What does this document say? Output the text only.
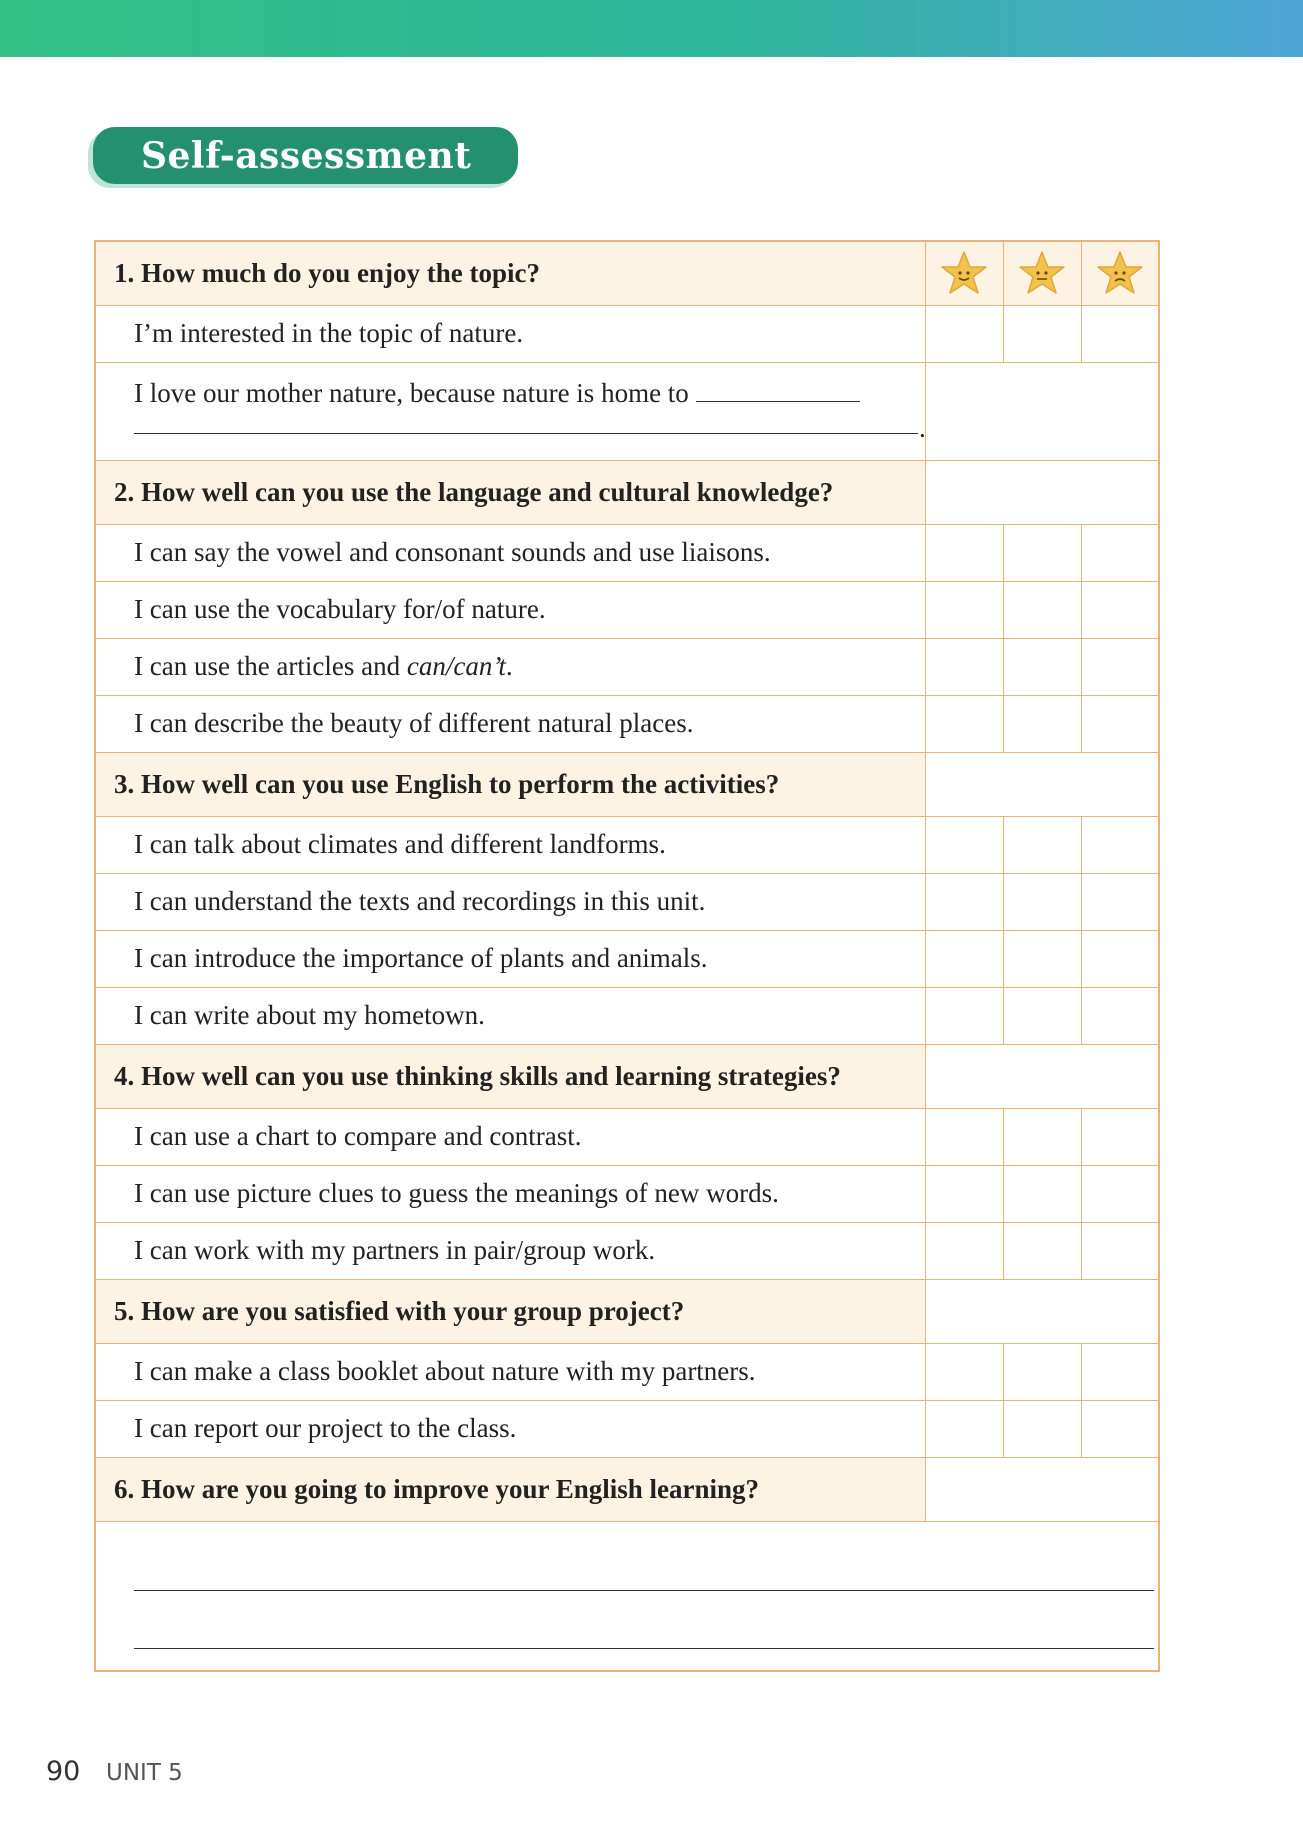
Self-assessment
1. How much do you enjoy the topic?	

I’m interested in the topic of nature.			
I love our mother nature, because nature is home to
.			

2. How well can you use the language and cultural knowledge?			
I can say the vowel and consonant sounds and use liaisons.			
I can use the vocabulary for/of nature.			
I can use the articles and can/can’t.			
I can describe the beauty of different natural places.			
3. How well can you use English to perform the activities?			
I can talk about climates and different landforms.			
I can understand the texts and recordings in this unit.			
I can introduce the importance of plants and animals.			
I can write about my hometown.			
4. How well can you use thinking skills and learning strategies?			
I can use a chart to compare and contrast.			
I can use picture clues to guess the meanings of new words.			
I can work with my partners in pair/group work.			
5. How are you satisfied with your group project?			
I can make a class booklet about nature with my partners.			
I can report our project to the class.			
6. How are you going to improve your English learning?			

90 UNIT 5
